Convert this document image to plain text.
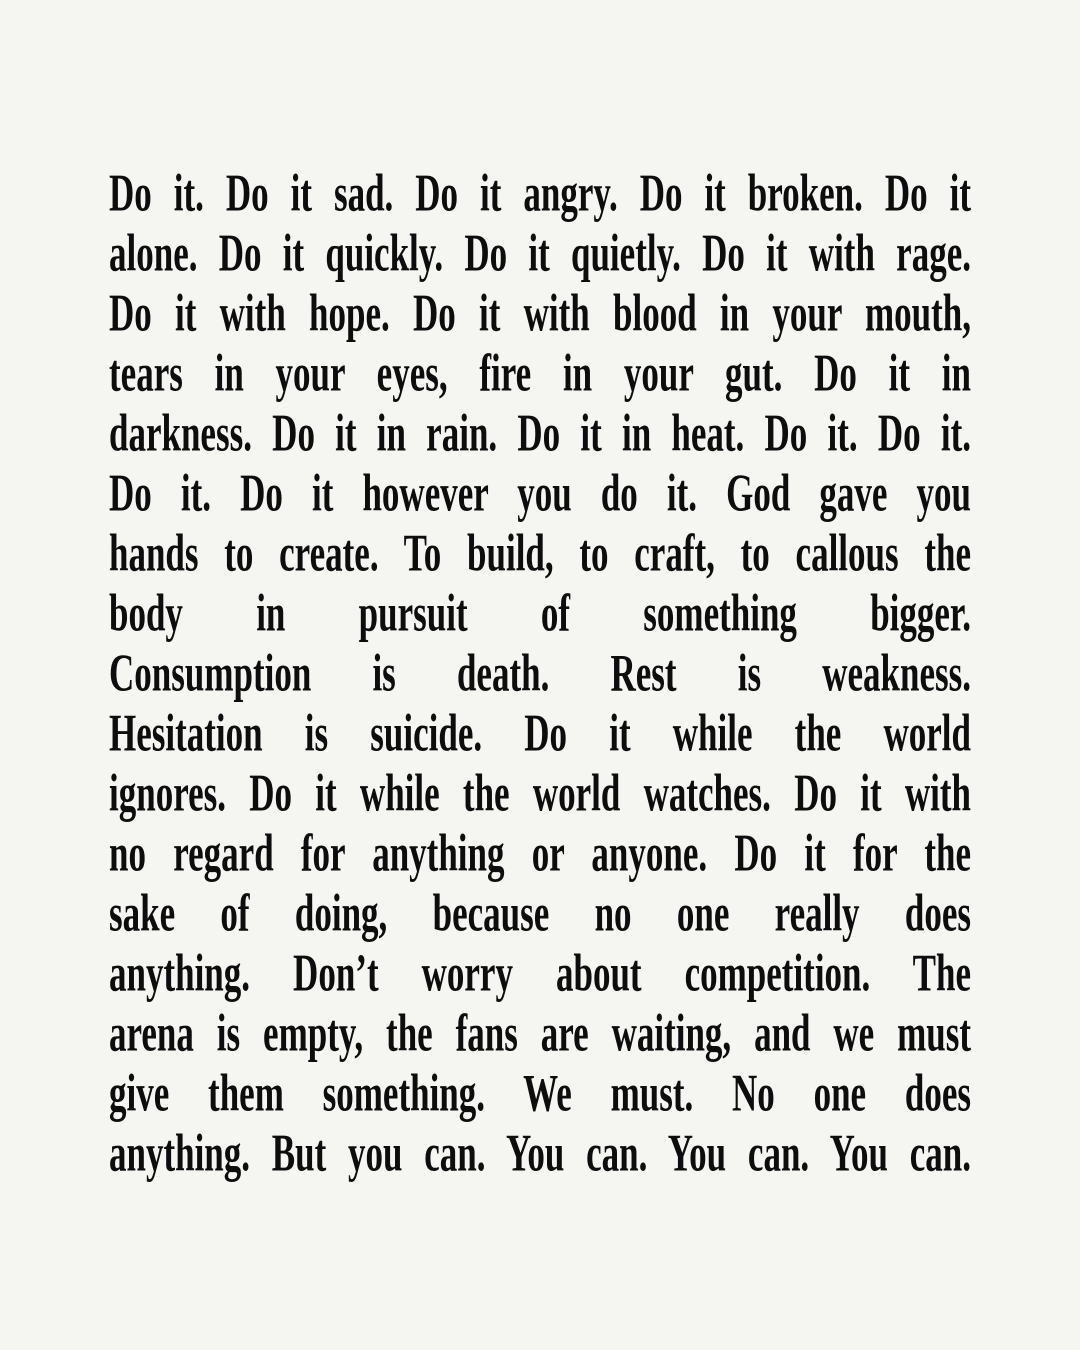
Do it. Do it sad. Do it angry. Do it broken. Do it
alone. Do it quickly. Do it quietly. Do it with rage.
Do it with hope. Do it with blood in your mouth,
tears in your eyes, fire in your gut. Do it in
darkness. Do it in rain. Do it in heat. Do it. Do it.
Do it. Do it however you do it. God gave you
hands to create. To build, to craft, to callous the
body in pursuit of something bigger.
Consumption is death. Rest is weakness.
Hesitation is suicide. Do it while the world
ignores. Do it while the world watches. Do it with
no regard for anything or anyone. Do it for the
sake of doing, because no one really does
anything. Don’t worry about competition. The
arena is empty, the fans are waiting, and we must
give them something. We must. No one does
anything. But you can. You can. You can. You can.
